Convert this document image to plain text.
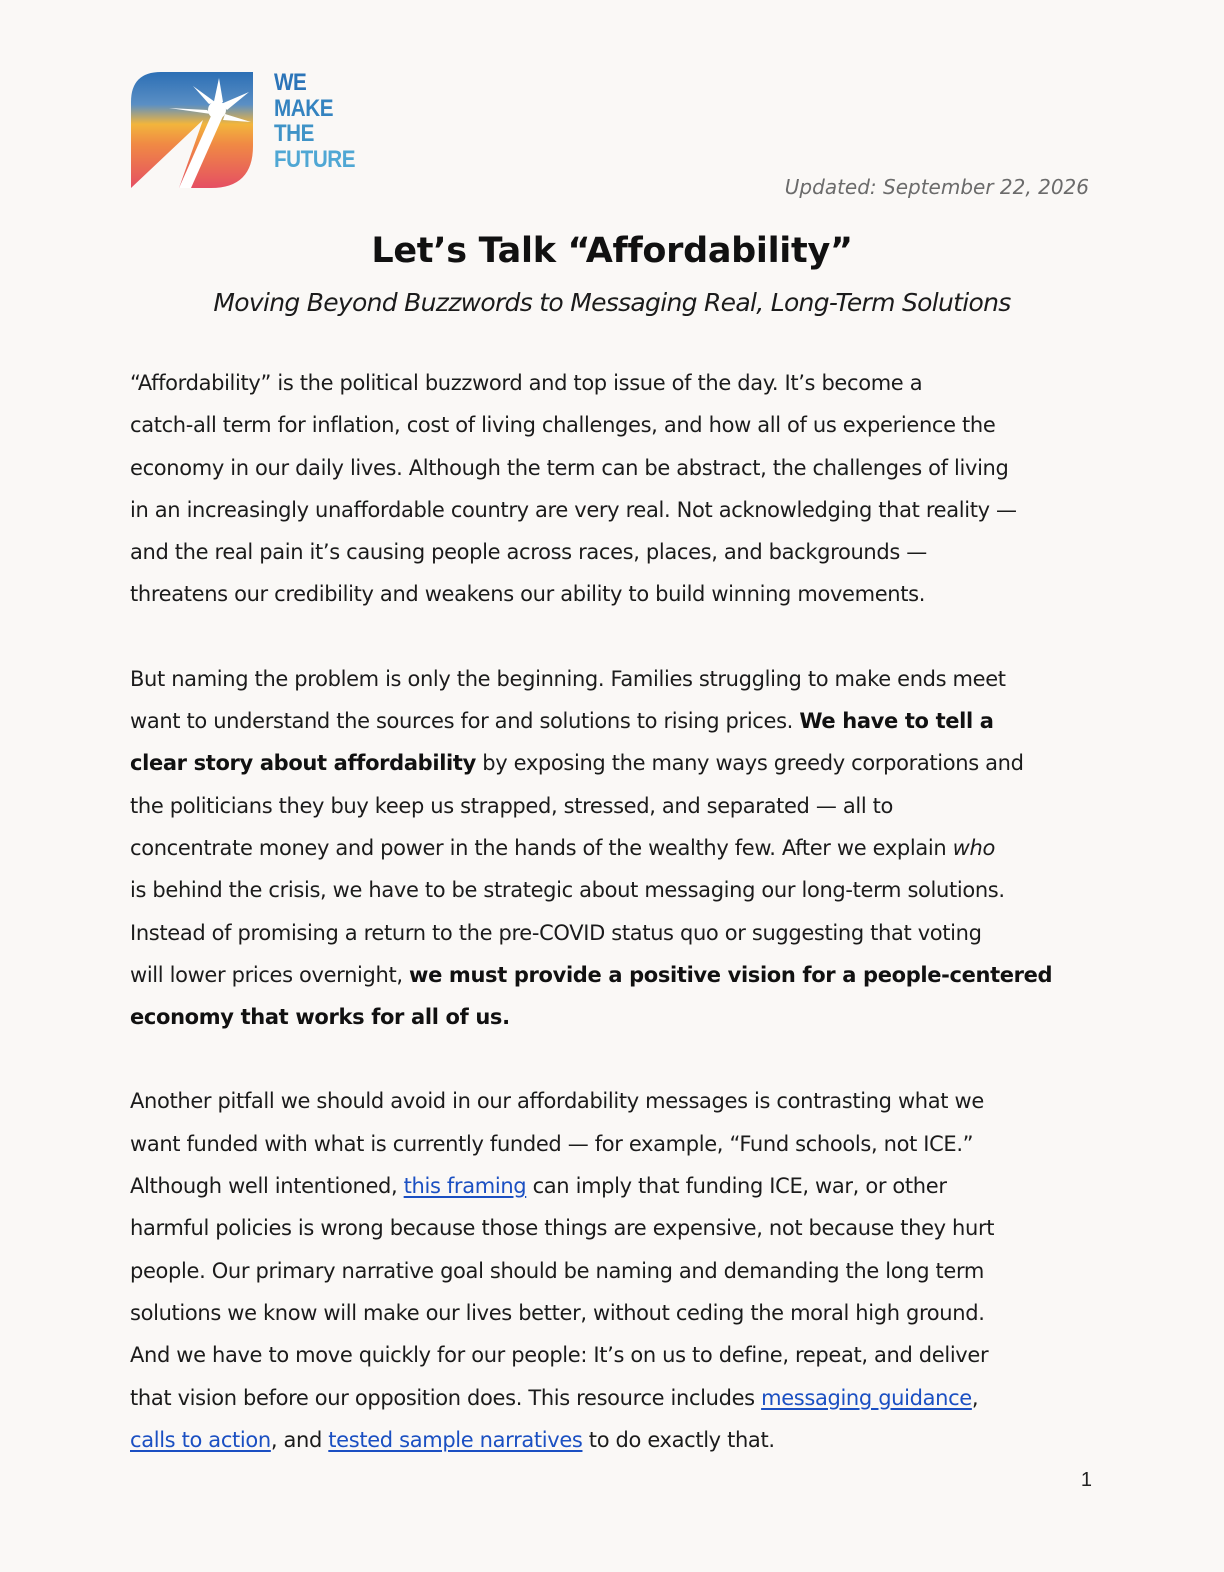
WE
MAKE
THE
FUTURE
Updated: September 22, 2026
Let’s Talk “Affordability”
Moving Beyond Buzzwords to Messaging Real, Long-Term Solutions
“Affordability” is the political buzzword and top issue of the day. It’s become a
catch-all term for inflation, cost of living challenges, and how all of us experience the
economy in our daily lives. Although the term can be abstract, the challenges of living
in an increasingly unaffordable country are very real. Not acknowledging that reality —
and the real pain it’s causing people across races, places, and backgrounds —
threatens our credibility and weakens our ability to build winning movements.
But naming the problem is only the beginning. Families struggling to make ends meet
want to understand the sources for and solutions to rising prices. We have to tell a
clear story about affordability by exposing the many ways greedy corporations and
the politicians they buy keep us strapped, stressed, and separated — all to
concentrate money and power in the hands of the wealthy few. After we explain who
is behind the crisis, we have to be strategic about messaging our long-term solutions.
Instead of promising a return to the pre-COVID status quo or suggesting that voting
will lower prices overnight, we must provide a positive vision for a people-centered
economy that works for all of us.
Another pitfall we should avoid in our affordability messages is contrasting what we
want funded with what is currently funded — for example, “Fund schools, not ICE.”
Although well intentioned, this framing can imply that funding ICE, war, or other
harmful policies is wrong because those things are expensive, not because they hurt
people. Our primary narrative goal should be naming and demanding the long term
solutions we know will make our lives better, without ceding the moral high ground.
And we have to move quickly for our people: It’s on us to define, repeat, and deliver
that vision before our opposition does. This resource includes messaging guidance,
calls to action, and tested sample narratives to do exactly that.
1
